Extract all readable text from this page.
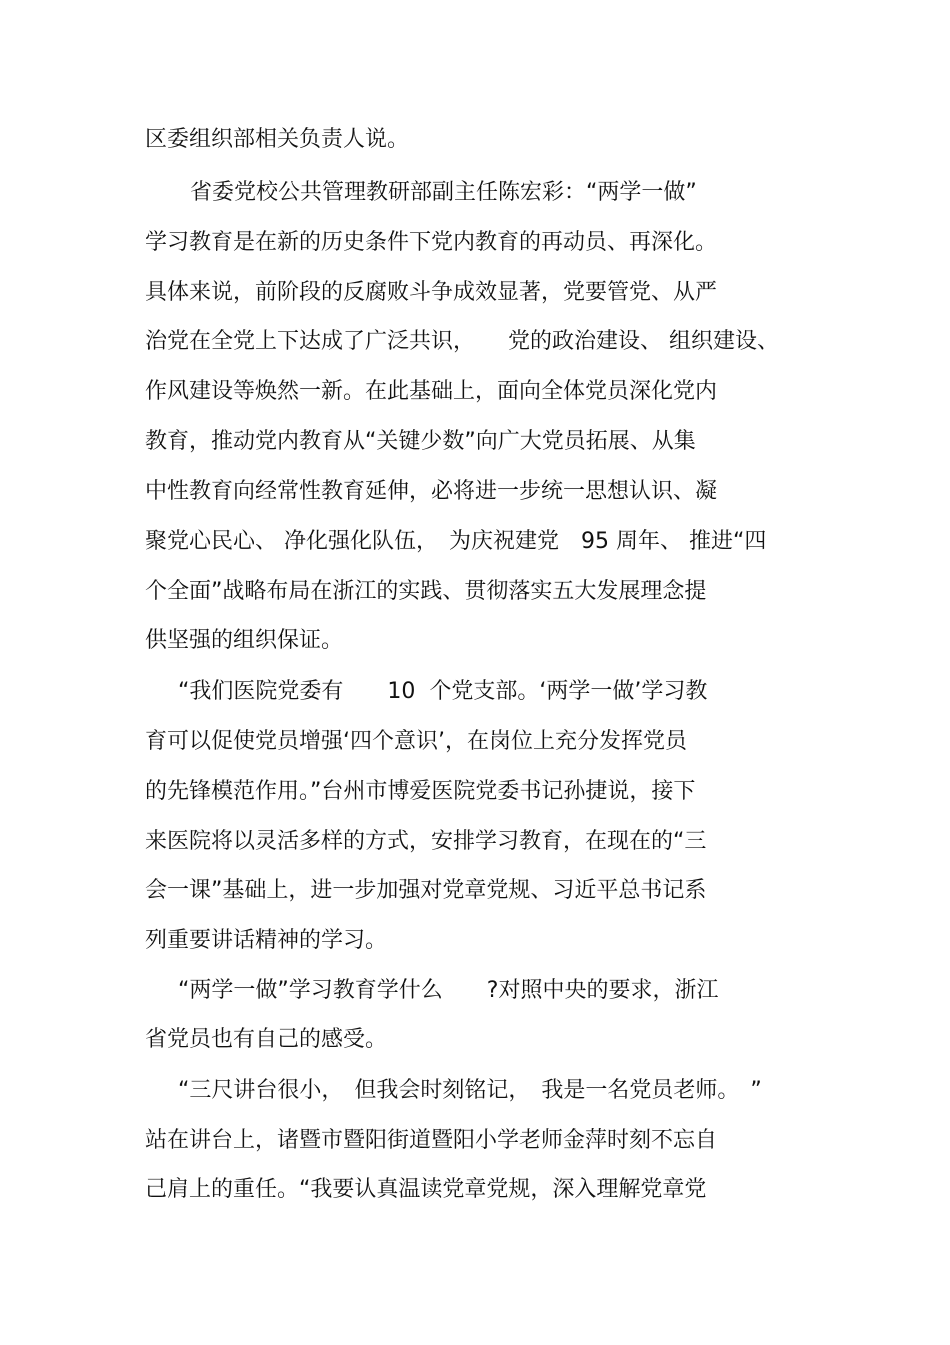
区委组织部相关负责人说。
省委党校公共管理教研部副主任陈宏彩：“两学一做”
学习教育是在新的历史条件下党内教育的再动员、再深化。
具体来说，前阶段的反腐败斗争成效显著，党要管党、从严
治党在全党上下达成了广泛共识，　　党的政治建设、 组织建设、
作风建设等焕然一新。在此基础上，面向全体党员深化党内
教育，推动党内教育从“关键少数”向广大党员拓展、从集
中性教育向经常性教育延伸，必将进一步统一思想认识、凝
聚党心民心、 净化强化队伍，　为庆祝建党　95 周年、 推进“四
个全面”战略布局在浙江的实践、贯彻落实五大发展理念提
供坚强的组织保证。
“我们医院党委有　　10  个党支部。‘两学一做’学习教
育可以促使党员增强‘四个意识’，在岗位上充分发挥党员
的先锋模范作用。”台州市博爱医院党委书记孙捷说，接下
来医院将以灵活多样的方式，安排学习教育，在现在的“三
会一课”基础上，进一步加强对党章党规、习近平总书记系
列重要讲话精神的学习。
“两学一做”学习教育学什么　　?对照中央的要求，浙江
省党员也有自己的感受。
“三尺讲台很小，　但我会时刻铭记，　我是一名党员老师。　”
站在讲台上，诸暨市暨阳街道暨阳小学老师金萍时刻不忘自
己肩上的重任。“我要认真温读党章党规，深入理解党章党
